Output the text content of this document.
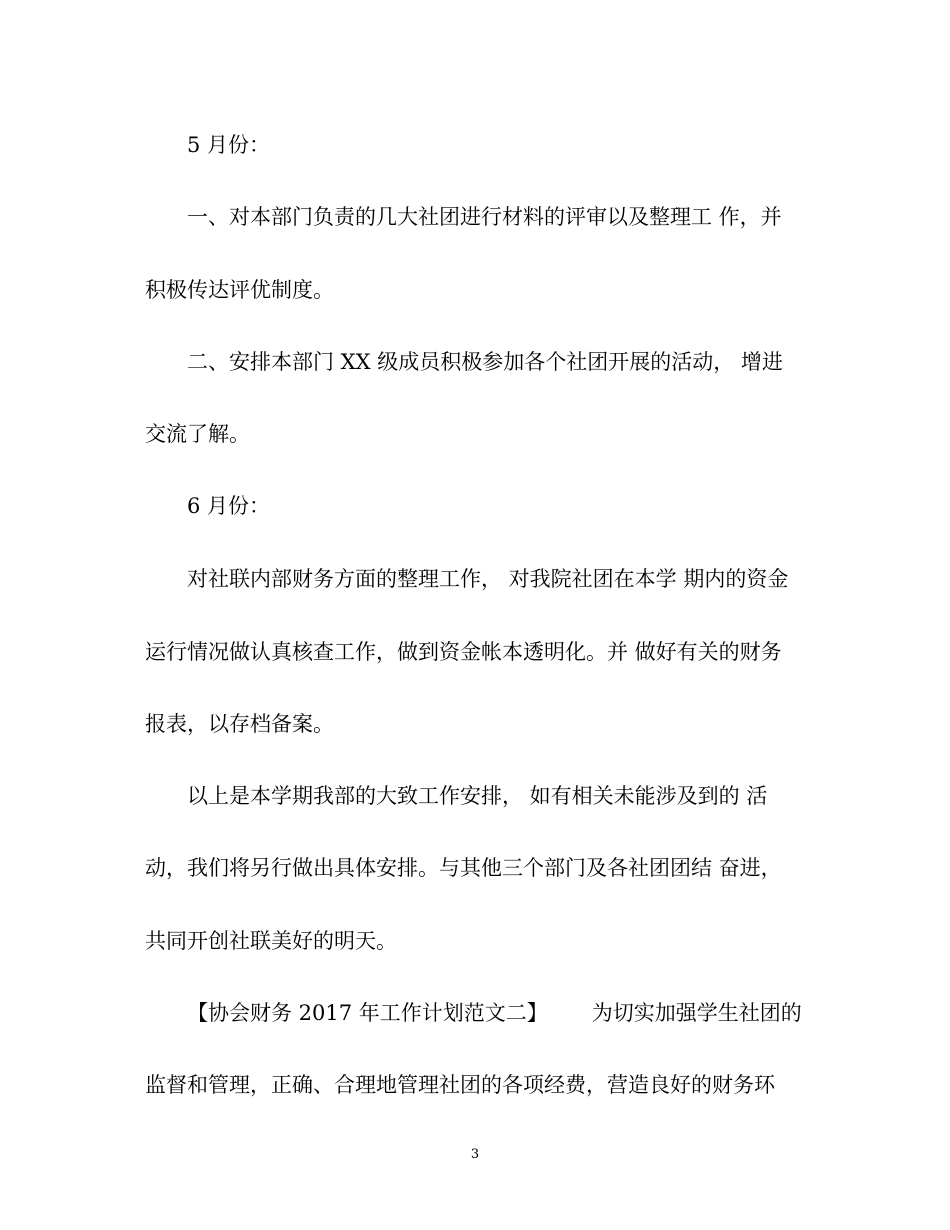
5 月份：
一、对本部门负责的几大社团进行材料的评审以及整理工 作，并
积极传达评优制度。
二、安排本部门 XX 级成员积极参加各个社团开展的活动， 增进
交流了解。
6 月份：
对社联内部财务方面的整理工作， 对我院社团在本学 期内的资金
运行情况做认真核查工作，做到资金帐本透明化。并 做好有关的财务
报表，以存档备案。
以上是本学期我部的大致工作安排， 如有相关未能涉及到的 活
动，我们将另行做出具体安排。与其他三个部门及各社团团结 奋进，
共同开创社联美好的明天。
【协会财务 2017 年工作计划范文二】 为切实加强学生社团的
监督和管理，正确、合理地管理社团的各项经费，营造良好的财务环
3
